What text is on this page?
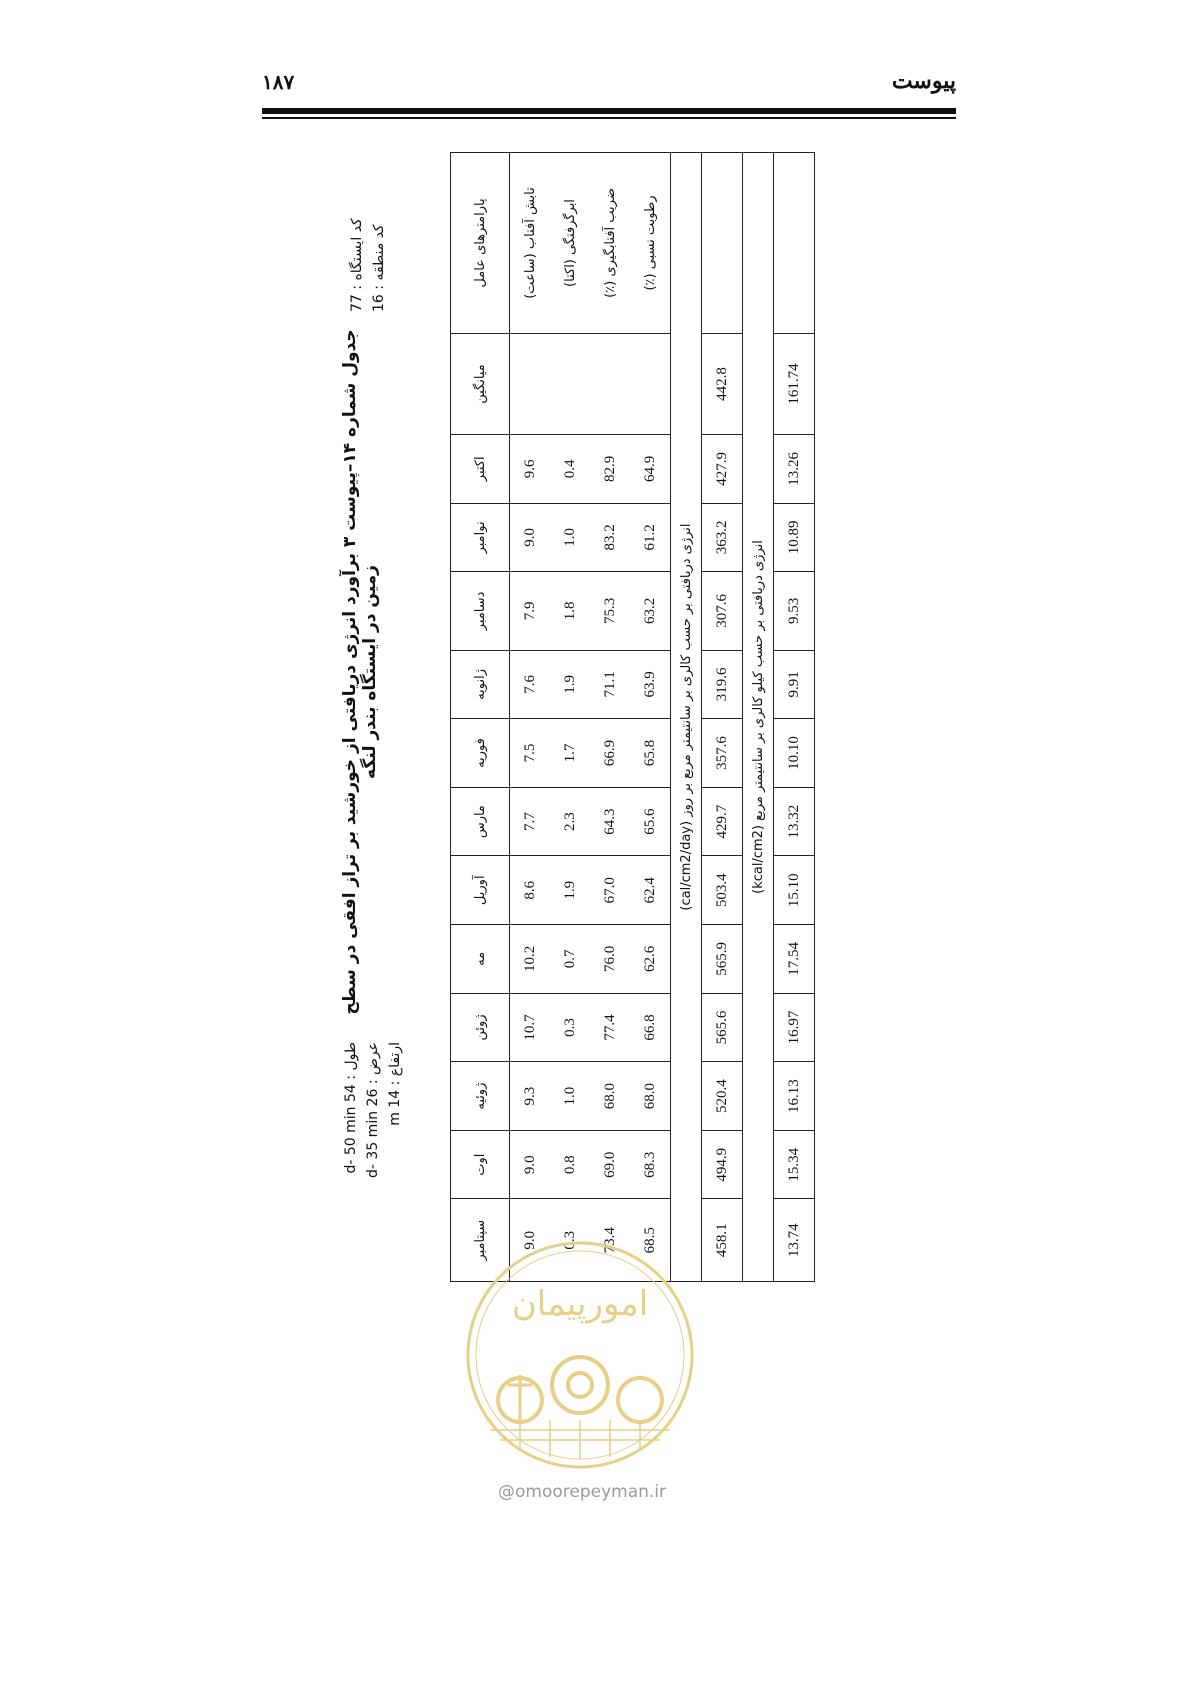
۱۸۷	پیوست
طول : 54 d- 50 min
عرض : 26 d- 35 min
ارتفاع : 14 m
جدول شماره ۱۴–پیوست ۳ برآورد انرژی دریافتی از خورشید بر تراز افقی در سطح زمین در ایستگاه بندر لنگه
کد ایستگاه : 77
کد منطقه : 16	پارامترهای عامل	میانگین	اکتبر	نوامبر	دسامبر	ژانویه	فوریه	مارس	آوریل	مه	ژوئن	ژوئیه	اوت	سپتامبر
تابش آفتاب (ساعت)		9.6	9.0	7.9	7.6	7.5	7.7	8.6	10.2	10.7	9.3	9.0	9.0
ابرگرفتگی (اکتا)		0.4	1.0	1.8	1.9	1.7	2.3	1.9	0.7	0.3	1.0	0.8	0.3
ضریب آفتابگیری (٪)		82.9	83.2	75.3	71.1	66.9	64.3	67.0	76.0	77.4	68.0	69.0	73.4
رطوبت نسبی (٪)		64.9	61.2	63.2	63.9	65.8	65.6	62.4	62.6	66.8	68.0	68.3	68.5
انرژی دریافتی بر حسب کالری بر سانتیمتر مربع بر روز (cal/cm2/day)													
	442.8	427.9	363.2	307.6	319.6	357.6	429.7	503.4	565.9	565.6	520.4	494.9	458.1
انرژی دریافتی بر حسب کیلو کالری بر سانتیمتر مربع (kcal/cm2)													
	161.74	13.26	10.89	9.53	9.91	10.10	13.32	15.10	17.54	16.97	16.13	15.34	13.74
امورپیمان
@omoorepeyman.ir
